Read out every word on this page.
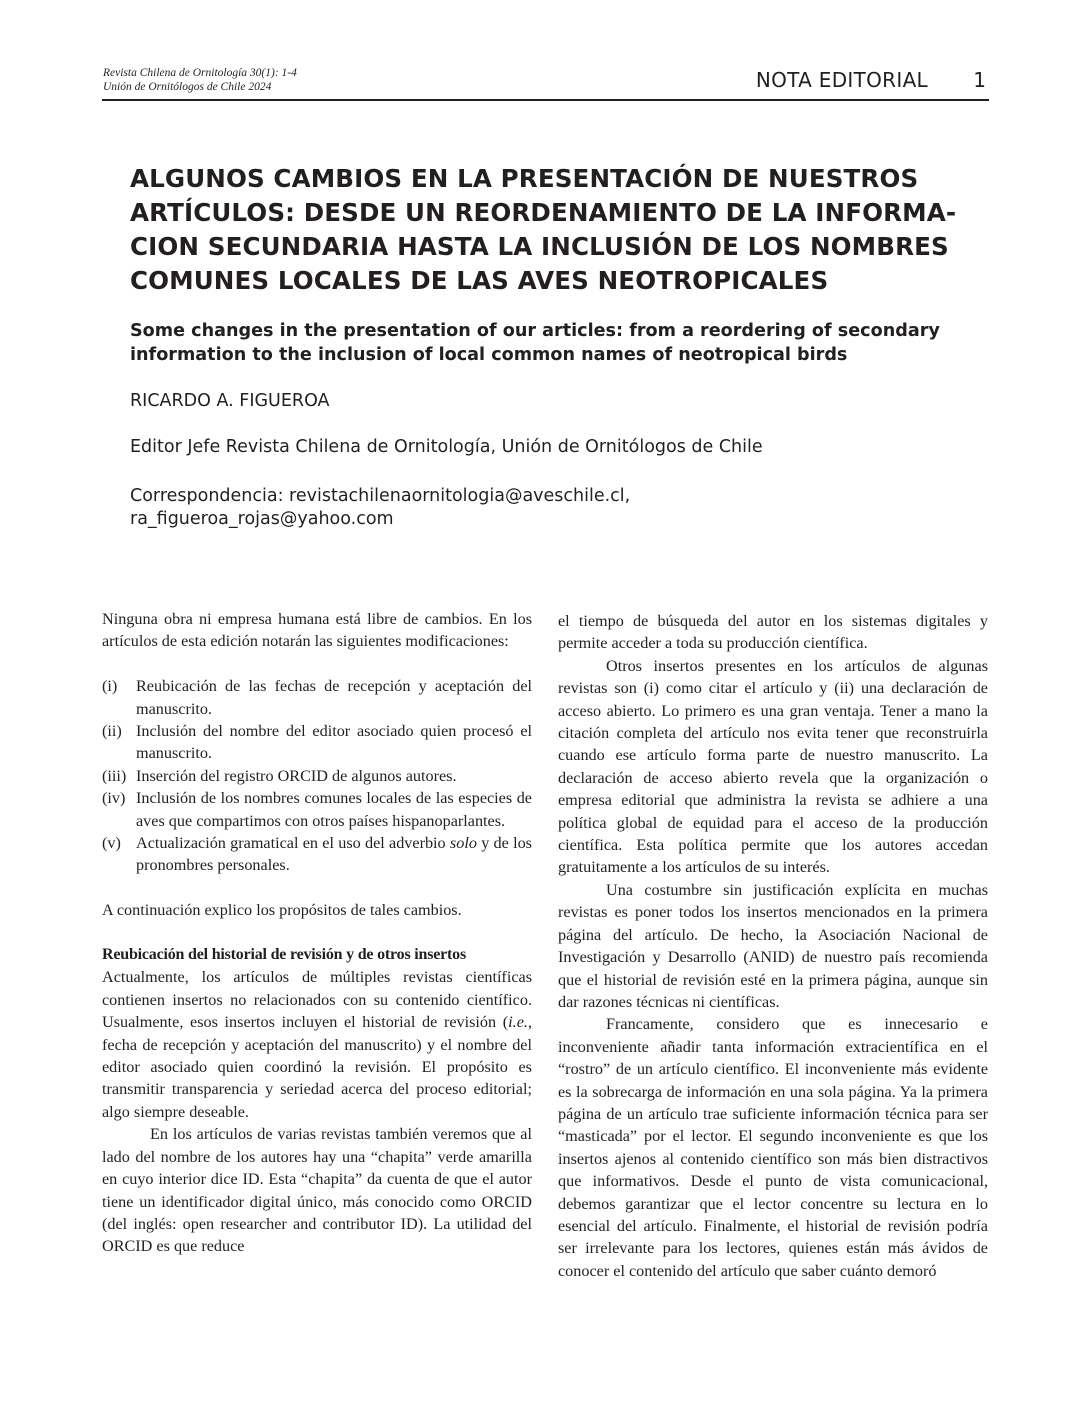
Revista Chilena de Ornitología 30(1): 1-4
Unión de Ornitólogos de Chile 2024	NOTA EDITORIAL 1
ALGUNOS CAMBIOS EN LA PRESENTACIÓN DE NUESTROS
ARTÍCULOS: DESDE UN REORDENAMIENTO DE LA INFORMA-
CION SECUNDARIA HASTA LA INCLUSIÓN DE LOS NOMBRES
COMUNES LOCALES DE LAS AVES NEOTROPICALES
Some changes in the presentation of our articles: from a reordering of secondary
information to the inclusion of local common names of neotropical birds
RICARDO A. FIGUEROA
Editor Jefe Revista Chilena de Ornitología, Unión de Ornitólogos de Chile
Correspondencia: revistachilenaornitologia@aveschile.cl,
ra_figueroa_rojas@yahoo.com

Ninguna obra ni empresa humana está libre de cambios. En los artículos de esta edición notarán las siguientes modificaciones:

(i) Reubicación de las fechas de recepción y aceptación del manuscrito.
(ii) Inclusión del nombre del editor asociado quien procesó el manuscrito.
(iii) Inserción del registro ORCID de algunos autores.
(iv) Inclusión de los nombres comunes locales de las especies de aves que compartimos con otros países hispanoparlantes.
(v) Actualización gramatical en el uso del adverbio solo y de los pronombres personales.

A continuación explico los propósitos de tales cambios.

Reubicación del historial de revisión y de otros insertos

Actualmente, los artículos de múltiples revistas científicas contienen insertos no relacionados con su contenido científico. Usualmente, esos insertos incluyen el historial de revisión (i.e., fecha de recepción y aceptación del manuscrito) y el nombre del editor asociado quien coordinó la revisión. El propósito es transmitir transparencia y seriedad acerca del proceso editorial; algo siempre deseable.

En los artículos de varias revistas también veremos que al lado del nombre de los autores hay una “chapita” verde amarilla en cuyo interior dice ID. Esta “chapita” da cuenta de que el autor tiene un identificador digital único, más conocido como ORCID (del inglés: open researcher and contributor ID). La utilidad del ORCID es que reduce

el tiempo de búsqueda del autor en los sistemas digitales y permite acceder a toda su producción científica.

Otros insertos presentes en los artículos de algunas revistas son (i) como citar el artículo y (ii) una declaración de acceso abierto. Lo primero es una gran ventaja. Tener a mano la citación completa del artículo nos evita tener que reconstruirla cuando ese artículo forma parte de nuestro manuscrito. La declaración de acceso abierto revela que la organización o empresa editorial que administra la revista se adhiere a una política global de equidad para el acceso de la producción científica. Esta política permite que los autores accedan gratuitamente a los artículos de su interés.

Una costumbre sin justificación explícita en muchas revistas es poner todos los insertos mencionados en la primera página del artículo. De hecho, la Asociación Nacional de Investigación y Desarrollo (ANID) de nuestro país recomienda que el historial de revisión esté en la primera página, aunque sin dar razones técnicas ni científicas.

Francamente, considero que es innecesario e inconveniente añadir tanta información extracientífica en el “rostro” de un artículo científico. El inconveniente más evidente es la sobrecarga de información en una sola página. Ya la primera página de un artículo trae suficiente información técnica para ser “masticada” por el lector. El segundo inconveniente es que los insertos ajenos al contenido científico son más bien distractivos que informativos. Desde el punto de vista comunicacional, debemos garantizar que el lector concentre su lectura en lo esencial del artículo. Finalmente, el historial de revisión podría ser irrelevante para los lectores, quienes están más ávidos de conocer el contenido del artículo que saber cuánto demoró
